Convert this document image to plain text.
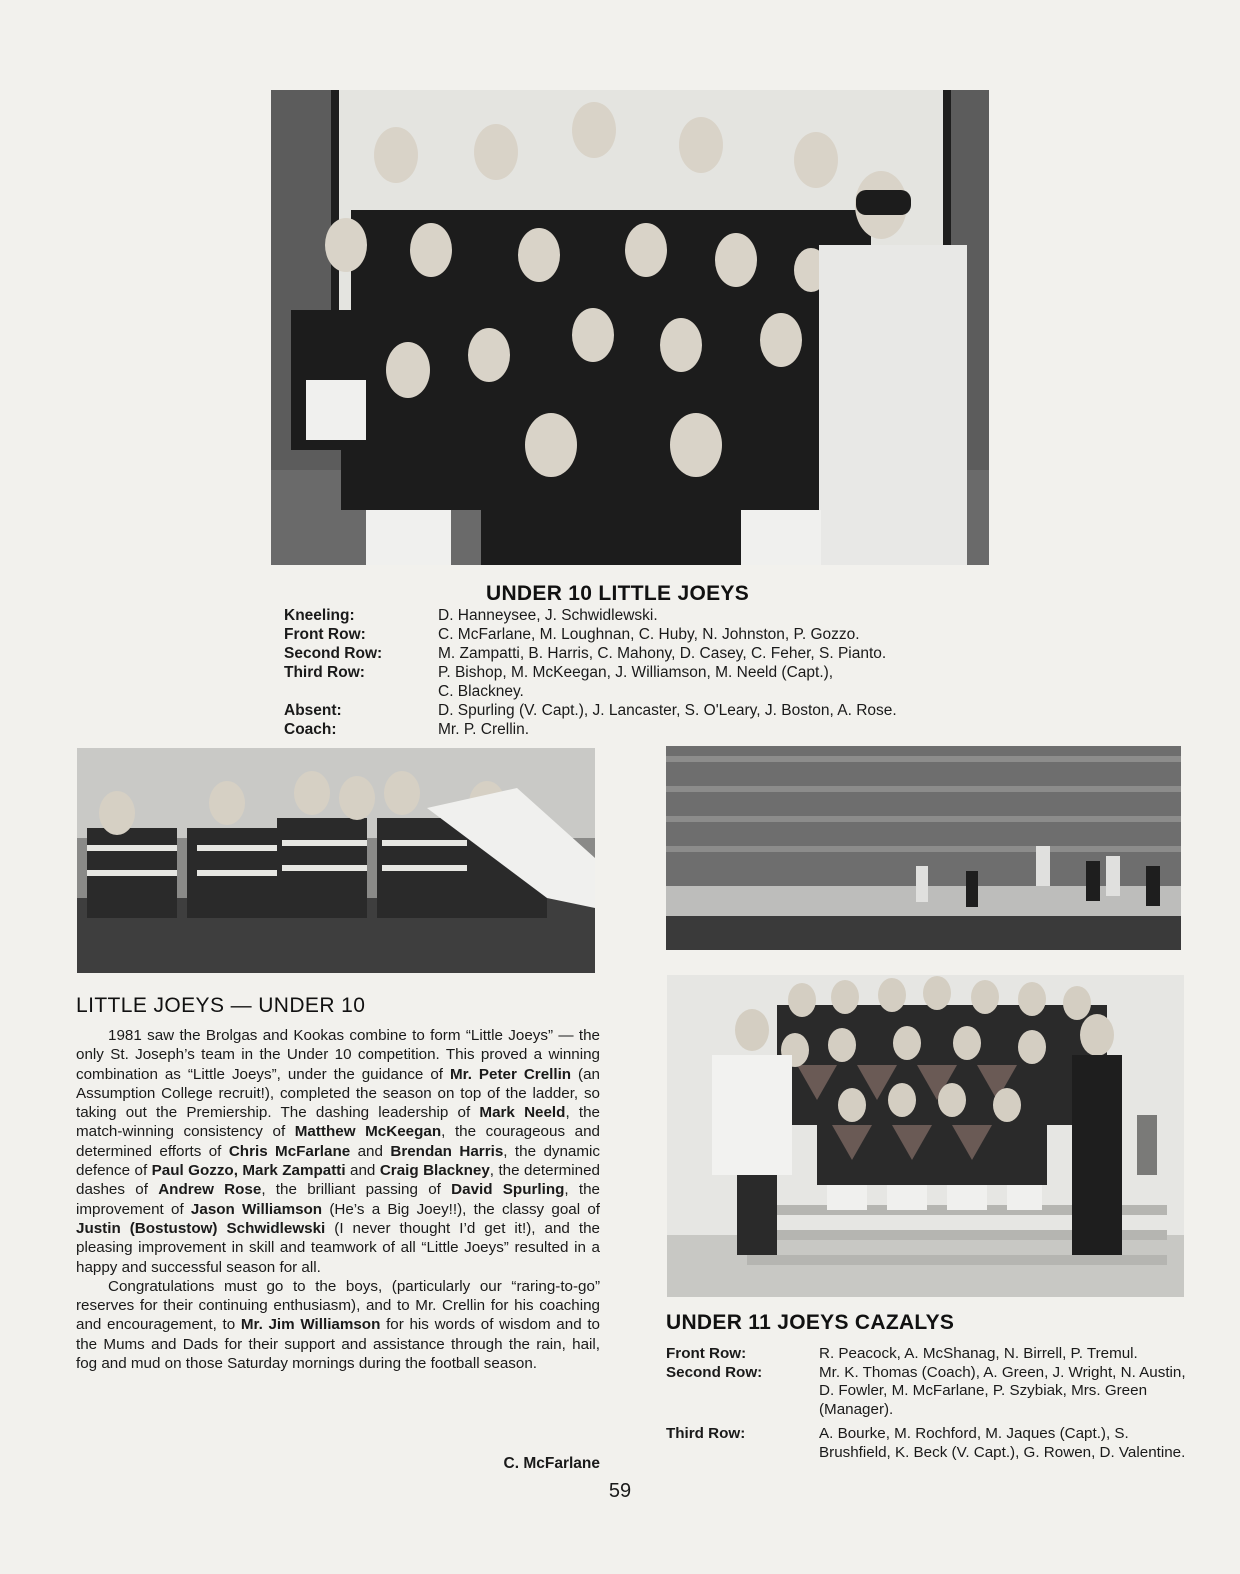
UNDER 10 LITTLE JOEYS
Kneeling:	D. Hanneysee, J. Schwidlewski.
Front Row:	C. McFarlane, M. Loughnan, C. Huby, N. Johnston, P. Gozzo.
Second Row:	M. Zampatti, B. Harris, C. Mahony, D. Casey, C. Feher, S. Pianto.
Third Row:	P. Bishop, M. McKeegan, J. Williamson, M. Neeld (Capt.),
C. Blackney.
Absent:	D. Spurling (V. Capt.), J. Lancaster, S. O'Leary, J. Boston, A. Rose.
Coach:	Mr. P. Crellin.
LITTLE JOEYS — UNDER 10

1981 saw the Brolgas and Kookas combine to form “Little Joeys” — the only St. Joseph’s team in the Under 10 competition. This proved a winning combination as “Little Joeys”, under the guidance of Mr. Peter Crellin (an Assumption College recruit!), completed the season on top of the ladder, so taking out the Premiership. The dashing leadership of Mark Neeld, the match-winning consistency of Matthew McKeegan, the courageous and determined efforts of Chris McFarlane and Brendan Harris, the dynamic defence of Paul Gozzo, Mark Zampatti and Craig Blackney, the determined dashes of Andrew Rose, the brilliant passing of David Spurling, the improvement of Jason Williamson (He’s a Big Joey!!), the classy goal of Justin (Bostustow) Schwidlewski (I never thought I’d get it!), and the pleasing improvement in skill and teamwork of all “Little Joeys” resulted in a happy and successful season for all.

Congratulations must go to the boys, (particularly our “raring-to-go” reserves for their continuing enthusiasm), and to Mr. Crellin for his coaching and encouragement, to Mr. Jim Williamson for his words of wisdom and to the Mums and Dads for their support and assistance through the rain, hail, fog and mud on those Saturday mornings during the football season.

C. McFarlane
UNDER 11 JOEYS CAZALYS
Front Row:	R. Peacock, A. McShanag, N. Birrell, P. Tremul.
Second Row:	Mr. K. Thomas (Coach), A. Green, J. Wright, N. Austin, D. Fowler, M. McFarlane, P. Szybiak, Mrs. Green (Manager).
Third Row:	A. Bourke, M. Rochford, M. Jaques (Capt.), S. Brushfield, K. Beck (V. Capt.), G. Rowen, D. Valentine.
59
